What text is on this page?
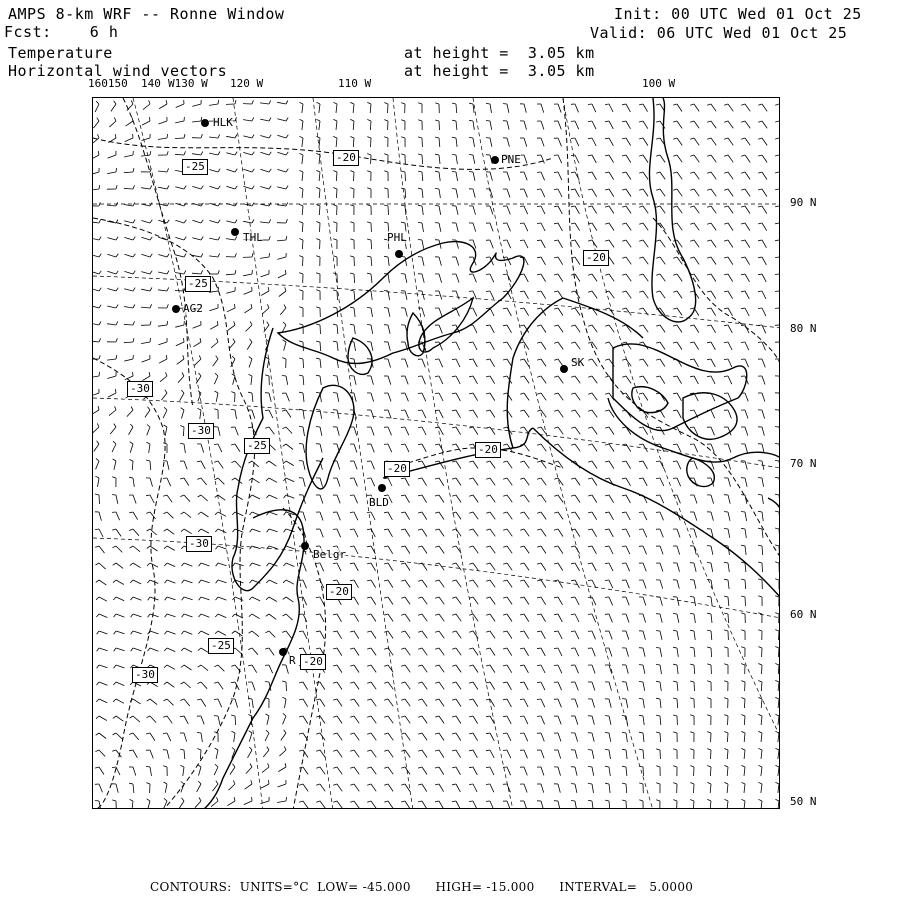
AMPS 8-km WRF -- Ronne Window
Fcst:    6 h
Temperature
Horizontal wind vectors
Init: 00 UTC Wed 01 Oct 25
Valid: 06 UTC Wed 01 Oct 25
at height =  3.05 km
at height =  3.05 km
160150 140 W130 W 120 W	110 W	100 W
90 N
80 N
70 N
60 N
50 N
HLK
PNE
THL	PHL
AG2
SK
BLD
Belgr
R
-25
-20
-25
-20
-30
-30
-25
-20
-20
-30
-20
-25
-20
-30
CONTOURS:  UNITS=°C  LOW= -45.000      HIGH= -15.000      INTERVAL=   5.0000
